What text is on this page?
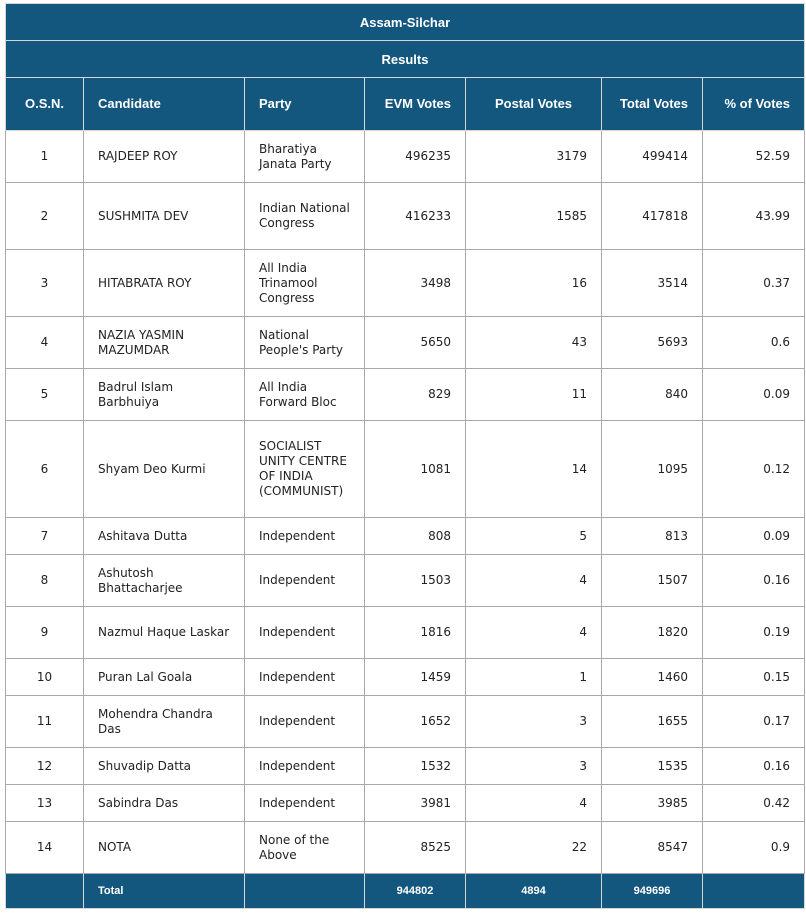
Assam-Silchar						
Results						
O.S.N.	Candidate	Party	EVM Votes	Postal Votes	Total Votes	% of Votes
1	RAJDEEP ROY	Bharatiya Janata Party	496235	3179	499414	52.59
2	SUSHMITA DEV	Indian National Congress	416233	1585	417818	43.99
3	HITABRATA ROY	All India Trinamool Congress	3498	16	3514	0.37
4	NAZIA YASMIN MAZUMDAR	National People's Party	5650	43	5693	0.6
5	Badrul Islam Barbhuiya	All India Forward Bloc	829	11	840	0.09
6	Shyam Deo Kurmi	SOCIALIST UNITY CENTRE OF INDIA (COMMUNIST)	1081	14	1095	0.12
7	Ashitava Dutta	Independent	808	5	813	0.09
8	Ashutosh Bhattacharjee	Independent	1503	4	1507	0.16
9	Nazmul Haque Laskar	Independent	1816	4	1820	0.19
10	Puran Lal Goala	Independent	1459	1	1460	0.15
11	Mohendra Chandra Das	Independent	1652	3	1655	0.17
12	Shuvadip Datta	Independent	1532	3	1535	0.16
13	Sabindra Das	Independent	3981	4	3985	0.42
14	NOTA	None of the Above	8525	22	8547	0.9
	Total		944802	4894	949696	
